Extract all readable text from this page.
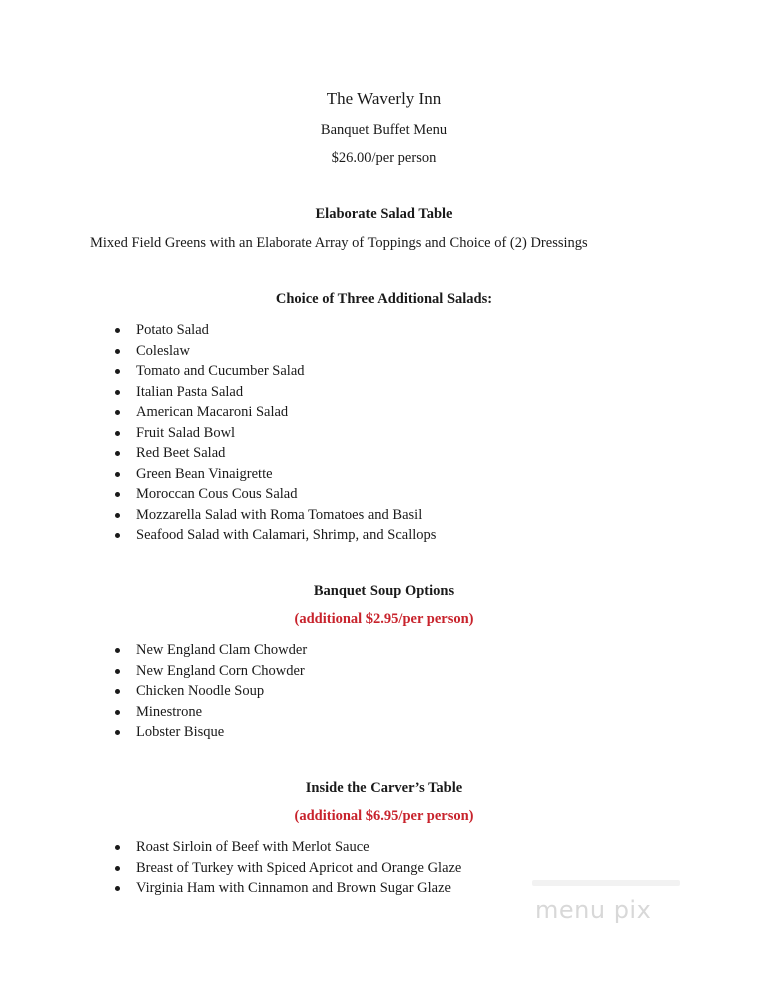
The Waverly Inn
Banquet Buffet Menu
$26.00/per person
Elaborate Salad Table
Mixed Field Greens with an Elaborate Array of Toppings and Choice of (2) Dressings
Choice of Three Additional Salads:
Potato Salad
Coleslaw
Tomato and Cucumber Salad
Italian Pasta Salad
American Macaroni Salad
Fruit Salad Bowl
Red Beet Salad
Green Bean Vinaigrette
Moroccan Cous Cous Salad
Mozzarella Salad with Roma Tomatoes and Basil
Seafood Salad with Calamari, Shrimp, and Scallops
Banquet Soup Options
(additional $2.95/per person)
New England Clam Chowder
New England Corn Chowder
Chicken Noodle Soup
Minestrone
Lobster Bisque
Inside the Carver’s Table
(additional $6.95/per person)
Roast Sirloin of Beef with Merlot Sauce
Breast of Turkey with Spiced Apricot and Orange Glaze
Virginia Ham with Cinnamon and Brown Sugar Glaze
menu pix
